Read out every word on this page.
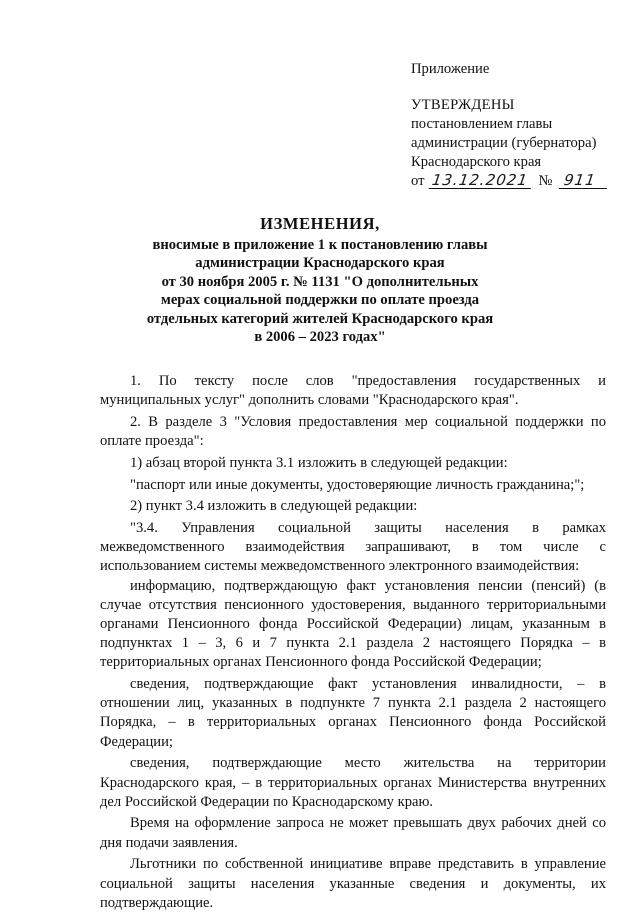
Приложение
УТВЕРЖДЕНЫ
постановлением главы
администрации (губернатора)
Краснодарского края
от 13.12.2021 № 911
ИЗМЕНЕНИЯ,
вносимые в приложение 1 к постановлению главы
администрации Краснодарского края
от 30 ноября 2005 г. № 1131 "О дополнительных
мерах социальной поддержки по оплате проезда
отдельных категорий жителей Краснодарского края
в 2006 – 2023 годах"

1. По тексту после слов "предоставления государственных и муниципальных услуг" дополнить словами "Краснодарского края".

2. В разделе 3 "Условия предоставления мер социальной поддержки по оплате проезда":

1) абзац второй пункта 3.1 изложить в следующей редакции:

"паспорт или иные документы, удостоверяющие личность гражданина;";

2) пункт 3.4 изложить в следующей редакции:

"3.4. Управления социальной защиты населения в рамках межведомственного взаимодействия запрашивают, в том числе с использованием системы межведомственного электронного взаимодействия:

информацию, подтверждающую факт установления пенсии (пенсий) (в случае отсутствия пенсионного удостоверения, выданного территориальными органами Пенсионного фонда Российской Федерации) лицам, указанным в подпунктах 1 – 3, 6 и 7 пункта 2.1 раздела 2 настоящего Порядка – в территориальных органах Пенсионного фонда Российской Федерации;

сведения, подтверждающие факт установления инвалидности, – в отношении лиц, указанных в подпункте 7 пункта 2.1 раздела 2 настоящего Порядка, – в территориальных органах Пенсионного фонда Российской Федерации;

сведения, подтверждающие место жительства на территории Краснодарского края, – в территориальных органах Министерства внутренних дел Российской Федерации по Краснодарскому краю.

Время на оформление запроса не может превышать двух рабочих дней со дня подачи заявления.

Льготники по собственной инициативе вправе представить в управление социальной защиты населения указанные сведения и документы, их подтверждающие.
